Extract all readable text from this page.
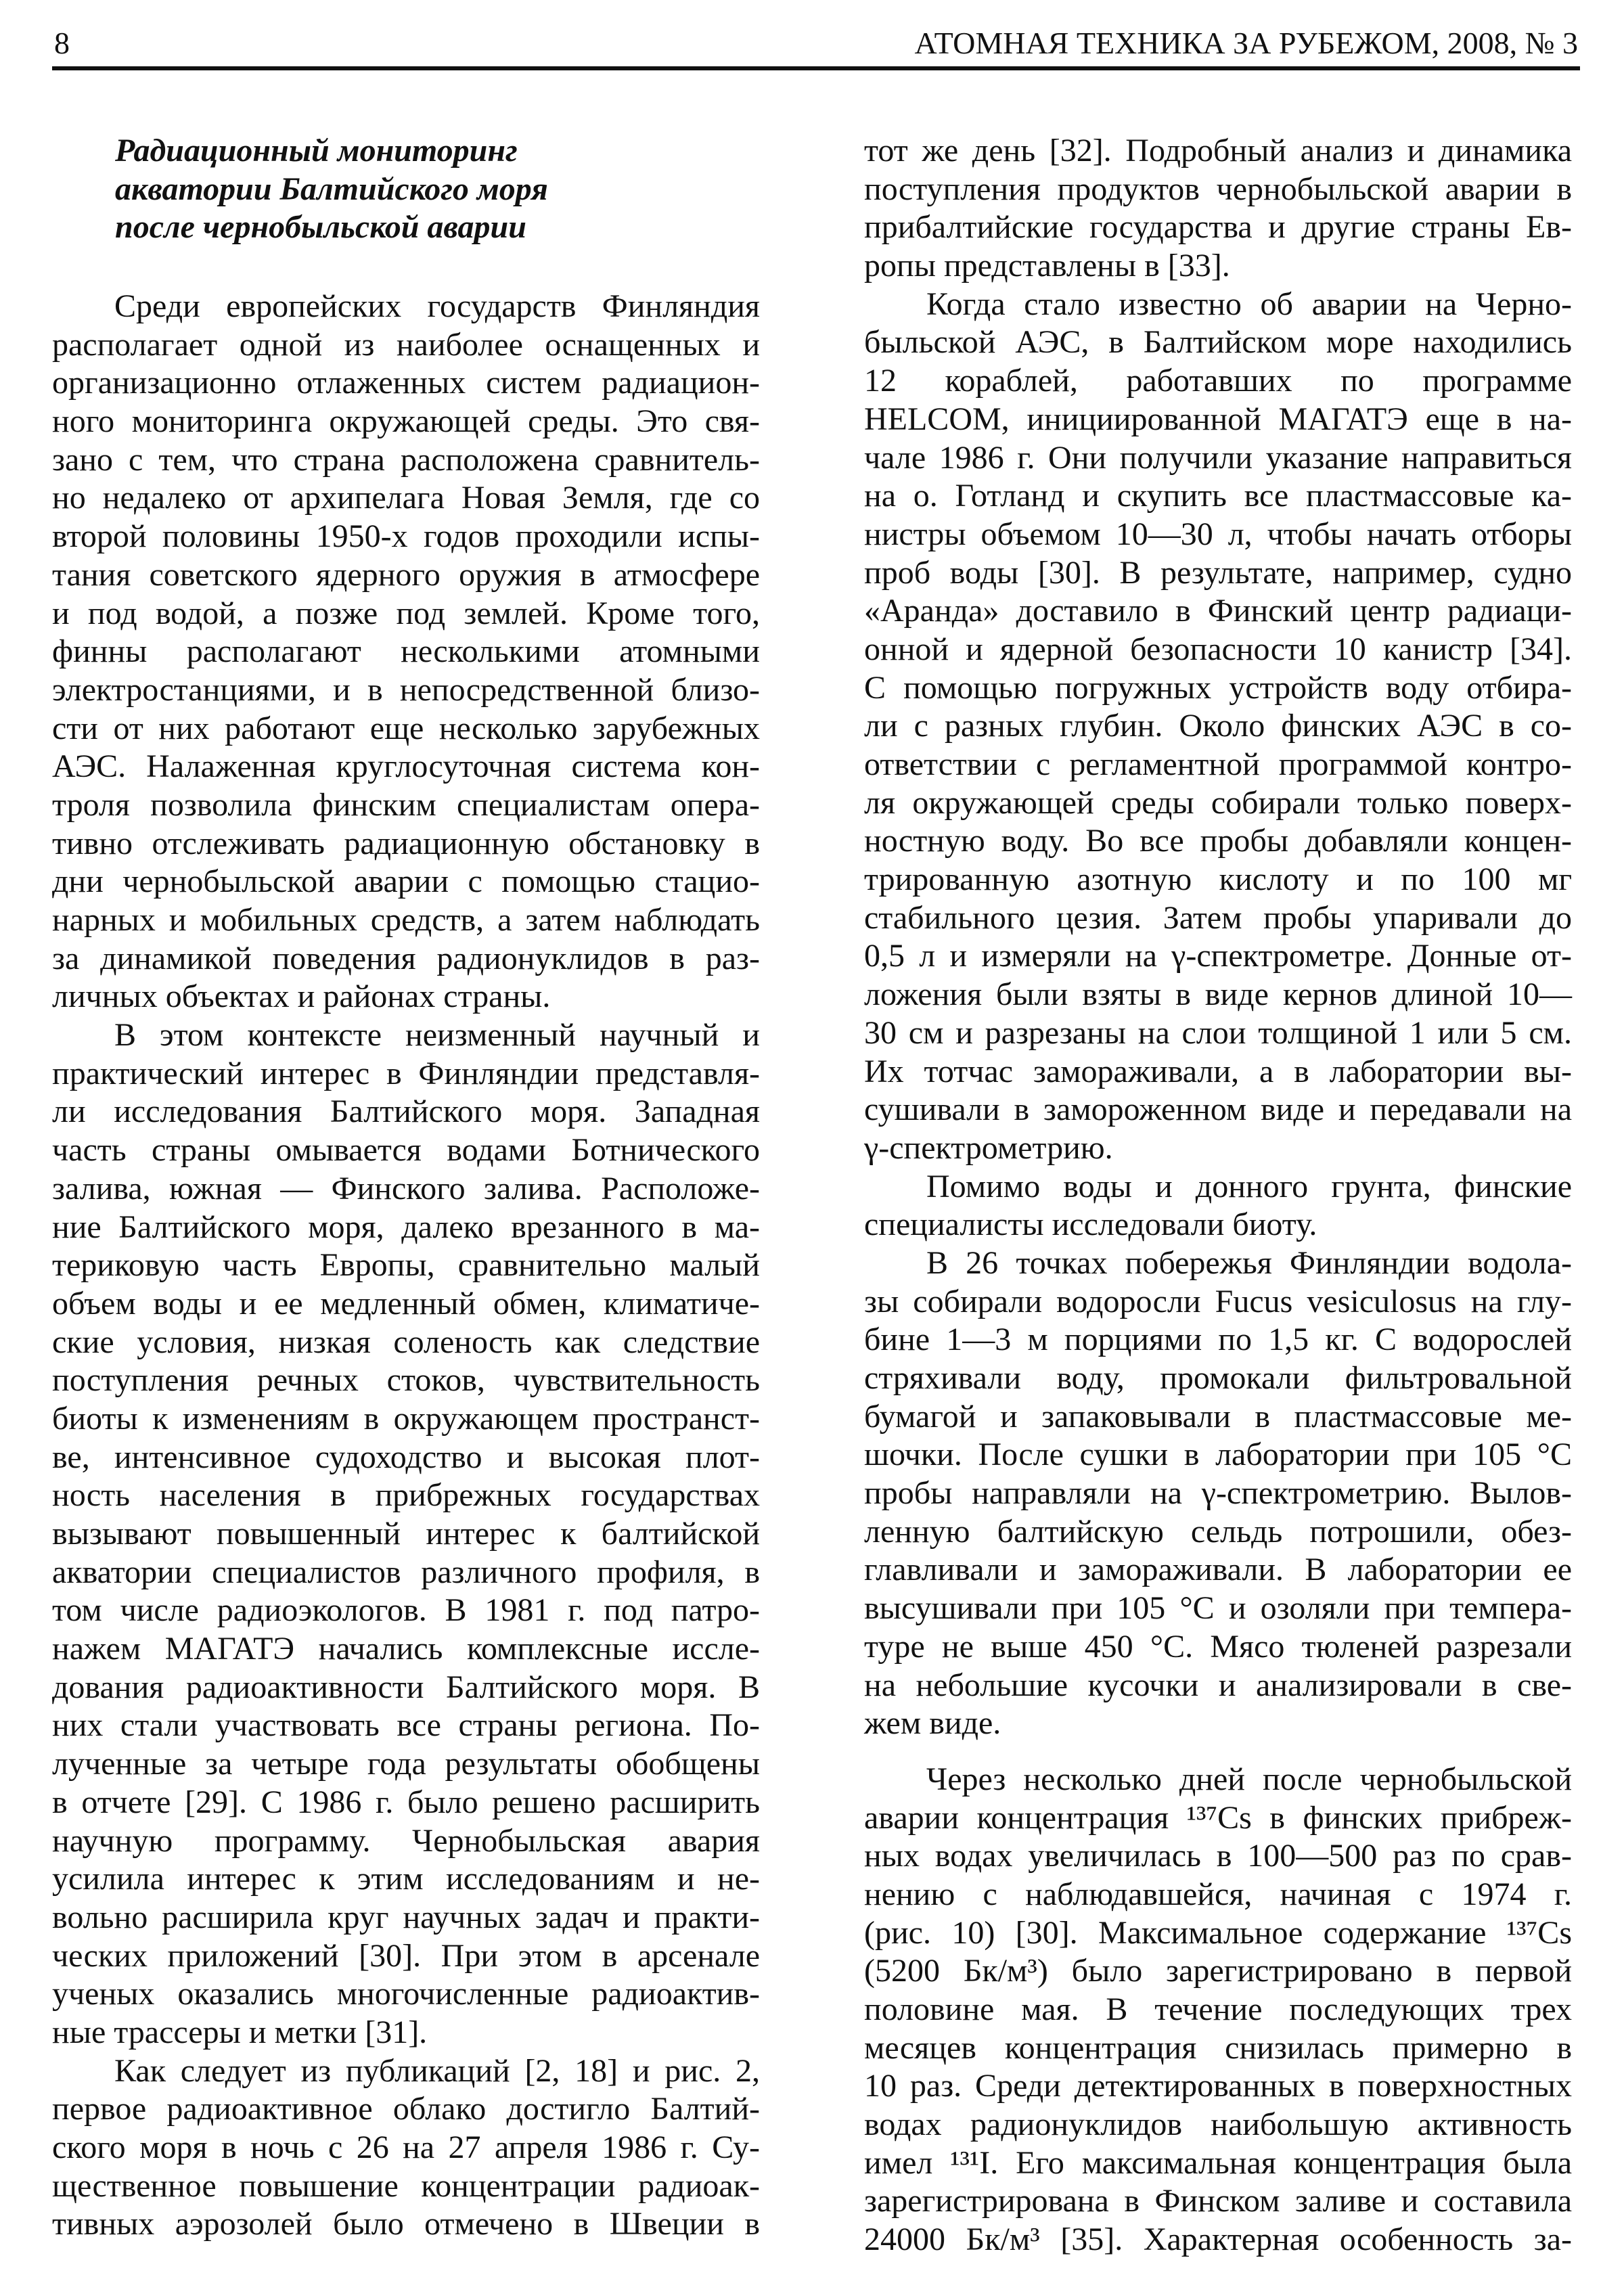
8	АТОМНАЯ ТЕХНИКА ЗА РУБЕЖОМ, 2008, № 3
Радиационный мониторинг
акватории Балтийского моря
после чернобыльской аварии
Среди европейских государств Финляндия
располагает одной из наиболее оснащенных и
организационно отлаженных систем радиацион-
ного мониторинга окружающей среды. Это свя-
зано с тем, что страна расположена сравнитель-
но недалеко от архипелага Новая Земля, где со
второй половины 1950-х годов проходили испы-
тания советского ядерного оружия в атмосфере
и под водой, а позже под землей. Кроме того,
финны располагают несколькими атомными
электростанциями, и в непосредственной близо-
сти от них работают еще несколько зарубежных
АЭС. Налаженная круглосуточная система кон-
троля позволила финским специалистам опера-
тивно отслеживать радиационную обстановку в
дни чернобыльской аварии с помощью стацио-
нарных и мобильных средств, а затем наблюдать
за динамикой поведения радионуклидов в раз-
личных объектах и районах страны.
В этом контексте неизменный научный и
практический интерес в Финляндии представля-
ли исследования Балтийского моря. Западная
часть страны омывается водами Ботнического
залива, южная — Финского залива. Расположе-
ние Балтийского моря, далеко врезанного в ма-
териковую часть Европы, сравнительно малый
объем воды и ее медленный обмен, климатиче-
ские условия, низкая соленость как следствие
поступления речных стоков, чувствительность
биоты к изменениям в окружающем пространст-
ве, интенсивное судоходство и высокая плот-
ность населения в прибрежных государствах
вызывают повышенный интерес к балтийской
акватории специалистов различного профиля, в
том числе радиоэкологов. В 1981 г. под патро-
нажем МАГАТЭ начались комплексные иссле-
дования радиоактивности Балтийского моря. В
них стали участвовать все страны региона. По-
лученные за четыре года результаты обобщены
в отчете [29]. С 1986 г. было решено расширить
научную программу. Чернобыльская авария
усилила интерес к этим исследованиям и не-
вольно расширила круг научных задач и практи-
ческих приложений [30]. При этом в арсенале
ученых оказались многочисленные радиоактив-
ные трассеры и метки [31].
Как следует из публикаций [2, 18] и рис. 2,
первое радиоактивное облако достигло Балтий-
ского моря в ночь с 26 на 27 апреля 1986 г. Су-
щественное повышение концентрации радиоак-
тивных аэрозолей было отмечено в Швеции в
тот же день [32]. Подробный анализ и динамика
поступления продуктов чернобыльской аварии в
прибалтийские государства и другие страны Ев-
ропы представлены в [33].
Когда стало известно об аварии на Черно-
быльской АЭС, в Балтийском море находились
12 кораблей, работавших по программе
HELCOM, инициированной МАГАТЭ еще в на-
чале 1986 г. Они получили указание направиться
на о. Готланд и скупить все пластмассовые ка-
нистры объемом 10—30 л, чтобы начать отборы
проб воды [30]. В результате, например, судно
«Аранда» доставило в Финский центр радиаци-
онной и ядерной безопасности 10 канистр [34].
С помощью погружных устройств воду отбира-
ли с разных глубин. Около финских АЭС в со-
ответствии с регламентной программой контро-
ля окружающей среды собирали только поверх-
ностную воду. Во все пробы добавляли концен-
трированную азотную кислоту и по 100 мг
стабильного цезия. Затем пробы упаривали до
0,5 л и измеряли на γ-спектрометре. Донные от-
ложения были взяты в виде кернов длиной 10—
30 см и разрезаны на слои толщиной 1 или 5 см.
Их тотчас замораживали, а в лаборатории вы-
сушивали в замороженном виде и передавали на
γ-спектрометрию.
Помимо воды и донного грунта, финские
специалисты исследовали биоту.
В 26 точках побережья Финляндии водола-
зы собирали водоросли Fucus vesiculosus на глу-
бине 1—3 м порциями по 1,5 кг. С водорослей
стряхивали воду, промокали фильтровальной
бумагой и запаковывали в пластмассовые ме-
шочки. После сушки в лаборатории при 105 °С
пробы направляли на γ-спектрометрию. Вылов-
ленную балтийскую сельдь потрошили, обез-
главливали и замораживали. В лаборатории ее
высушивали при 105 °С и озоляли при темпера-
туре не выше 450 °С. Мясо тюленей разрезали
на небольшие кусочки и анализировали в све-
жем виде.
Через несколько дней после чернобыльской
аварии концентрация ¹³⁷Cs в финских прибреж-
ных водах увеличилась в 100—500 раз по срав-
нению с наблюдавшейся, начиная с 1974 г.
(рис. 10) [30]. Максимальное содержание ¹³⁷Cs
(5200 Бк/м³) было зарегистрировано в первой
половине мая. В течение последующих трех
месяцев концентрация снизилась примерно в
10 раз. Среди детектированных в поверхностных
водах радионуклидов наибольшую активность
имел ¹³¹I. Его максимальная концентрация была
зарегистрирована в Финском заливе и составила
24000 Бк/м³ [35]. Характерная особенность за-
